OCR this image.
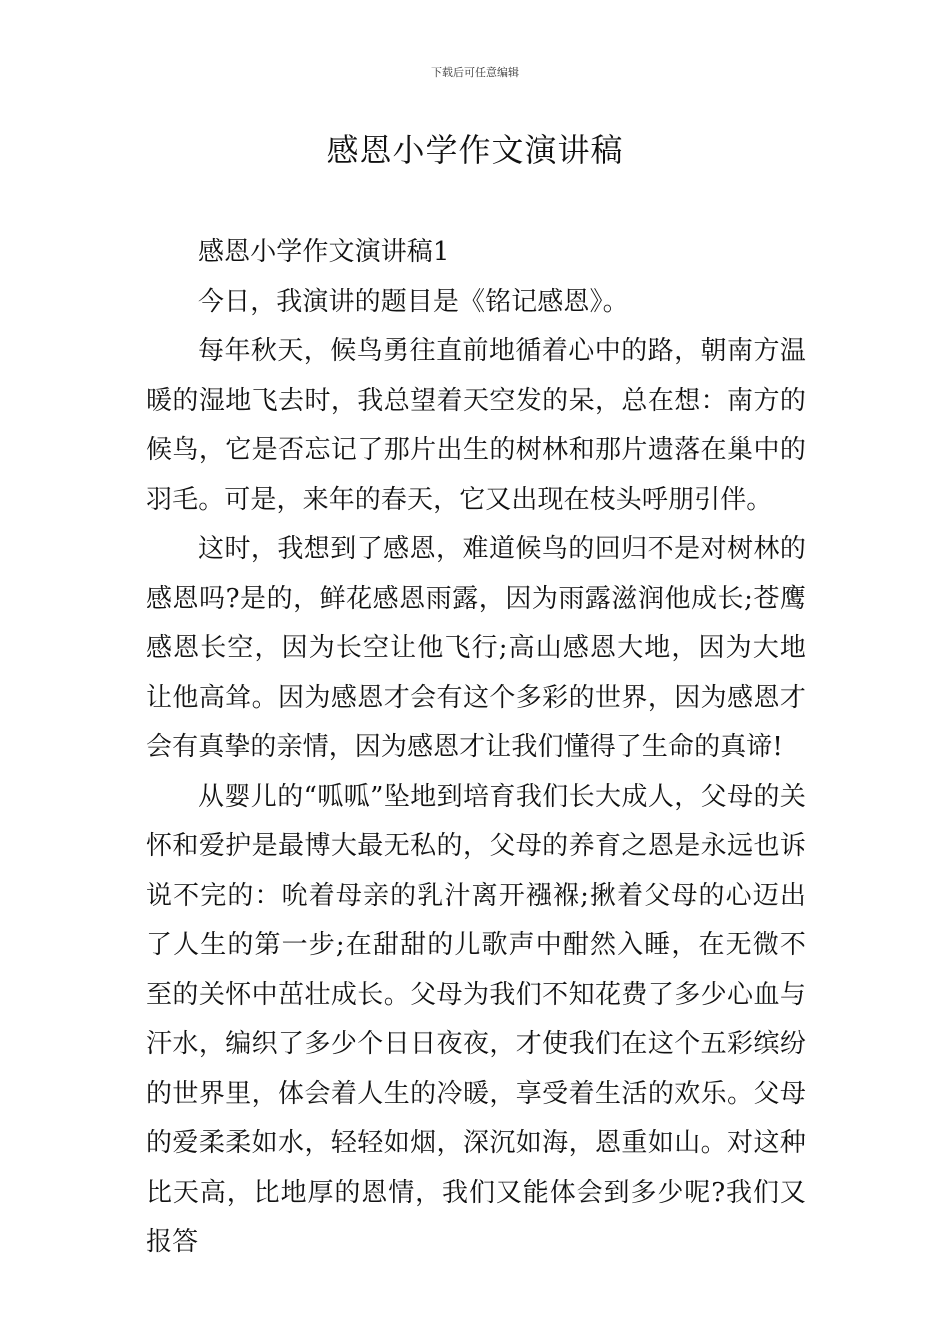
下载后可任意编辑
感恩小学作文演讲稿

感恩小学作文演讲稿1

今日，我演讲的题目是《铭记感恩》。

每年秋天，候鸟勇往直前地循着心中的路，朝南方温暖的湿地飞去时，我总望着天空发的呆，总在想：南方的候鸟，它是否忘记了那片出生的树林和那片遗落在巢中的羽毛。可是，来年的春天，它又出现在枝头呼朋引伴。

这时，我想到了感恩，难道候鸟的回归不是对树林的感恩吗?是的，鲜花感恩雨露，因为雨露滋润他成长;苍鹰感恩长空，因为长空让他飞行;高山感恩大地，因为大地让他高耸。因为感恩才会有这个多彩的世界，因为感恩才会有真挚的亲情，因为感恩才让我们懂得了生命的真谛!

从婴儿的“呱呱”坠地到培育我们长大成人，父母的关怀和爱护是最博大最无私的，父母的养育之恩是永远也诉说不完的：吮着母亲的乳汁离开襁褓;揪着父母的心迈出了人生的第一步;在甜甜的儿歌声中酣然入睡，在无微不至的关怀中茁壮成长。父母为我们不知花费了多少心血与汗水，编织了多少个日日夜夜，才使我们在这个五彩缤纷的世界里，体会着人生的冷暖，享受着生活的欢乐。父母的爱柔柔如水，轻轻如烟，深沉如海，恩重如山。对这种比天高，比地厚的恩情，我们又能体会到多少呢?我们又报答
